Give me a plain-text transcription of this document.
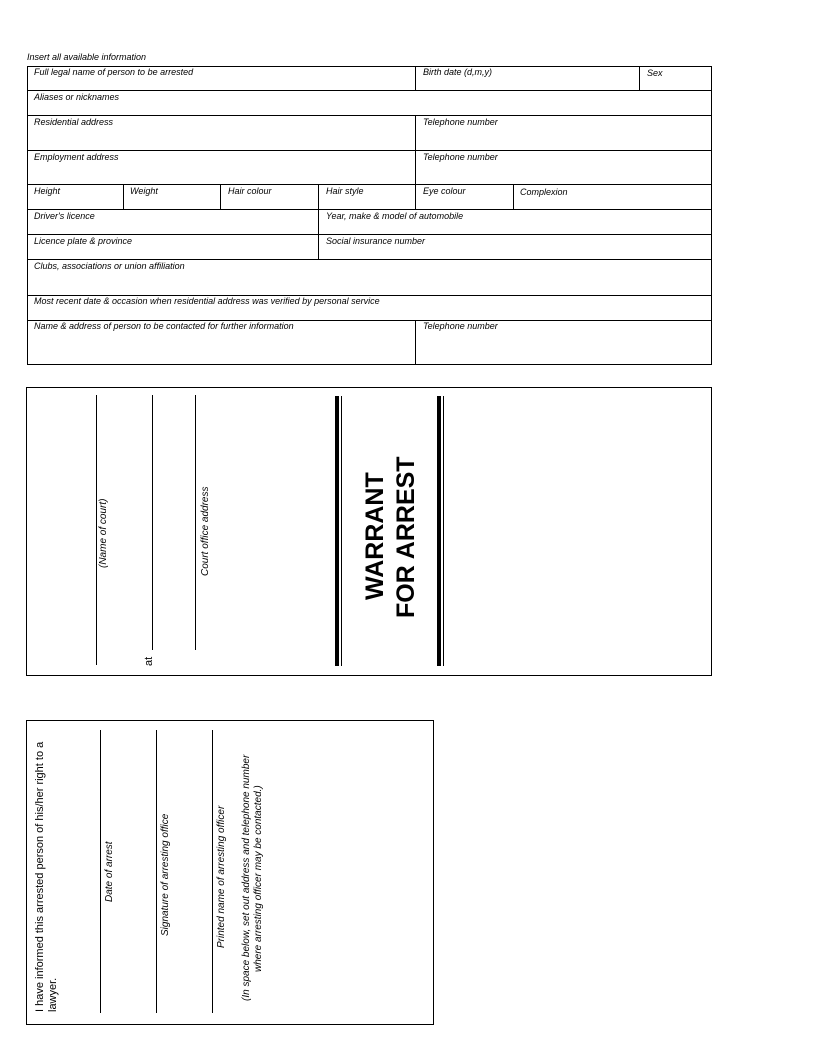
Insert all available information
Full legal name of person to be arrested	Birth date (d,m,y)	Sex
Aliases or nicknames
Residential address	Telephone number
Employment address	Telephone number
Height	Weight	Hair colour	Hair style	Eye colour	Complexion
Driver's licence	Year, make & model of automobile
Licence plate & province	Social insurance number
Clubs, associations or union affiliation
Most recent date & occasion when residential address was verified by personal service
Name & address of person to be contacted for further information	Telephone number
(Name of court)
at
Court office address	WARRANT FOR ARREST
I have informed this arrested person of his/her right to a lawyer.
Date of arrest	Signature of arresting office	Printed name of arresting officer (In space below, set out address and telephone number where arresting officer may be contacted.)
